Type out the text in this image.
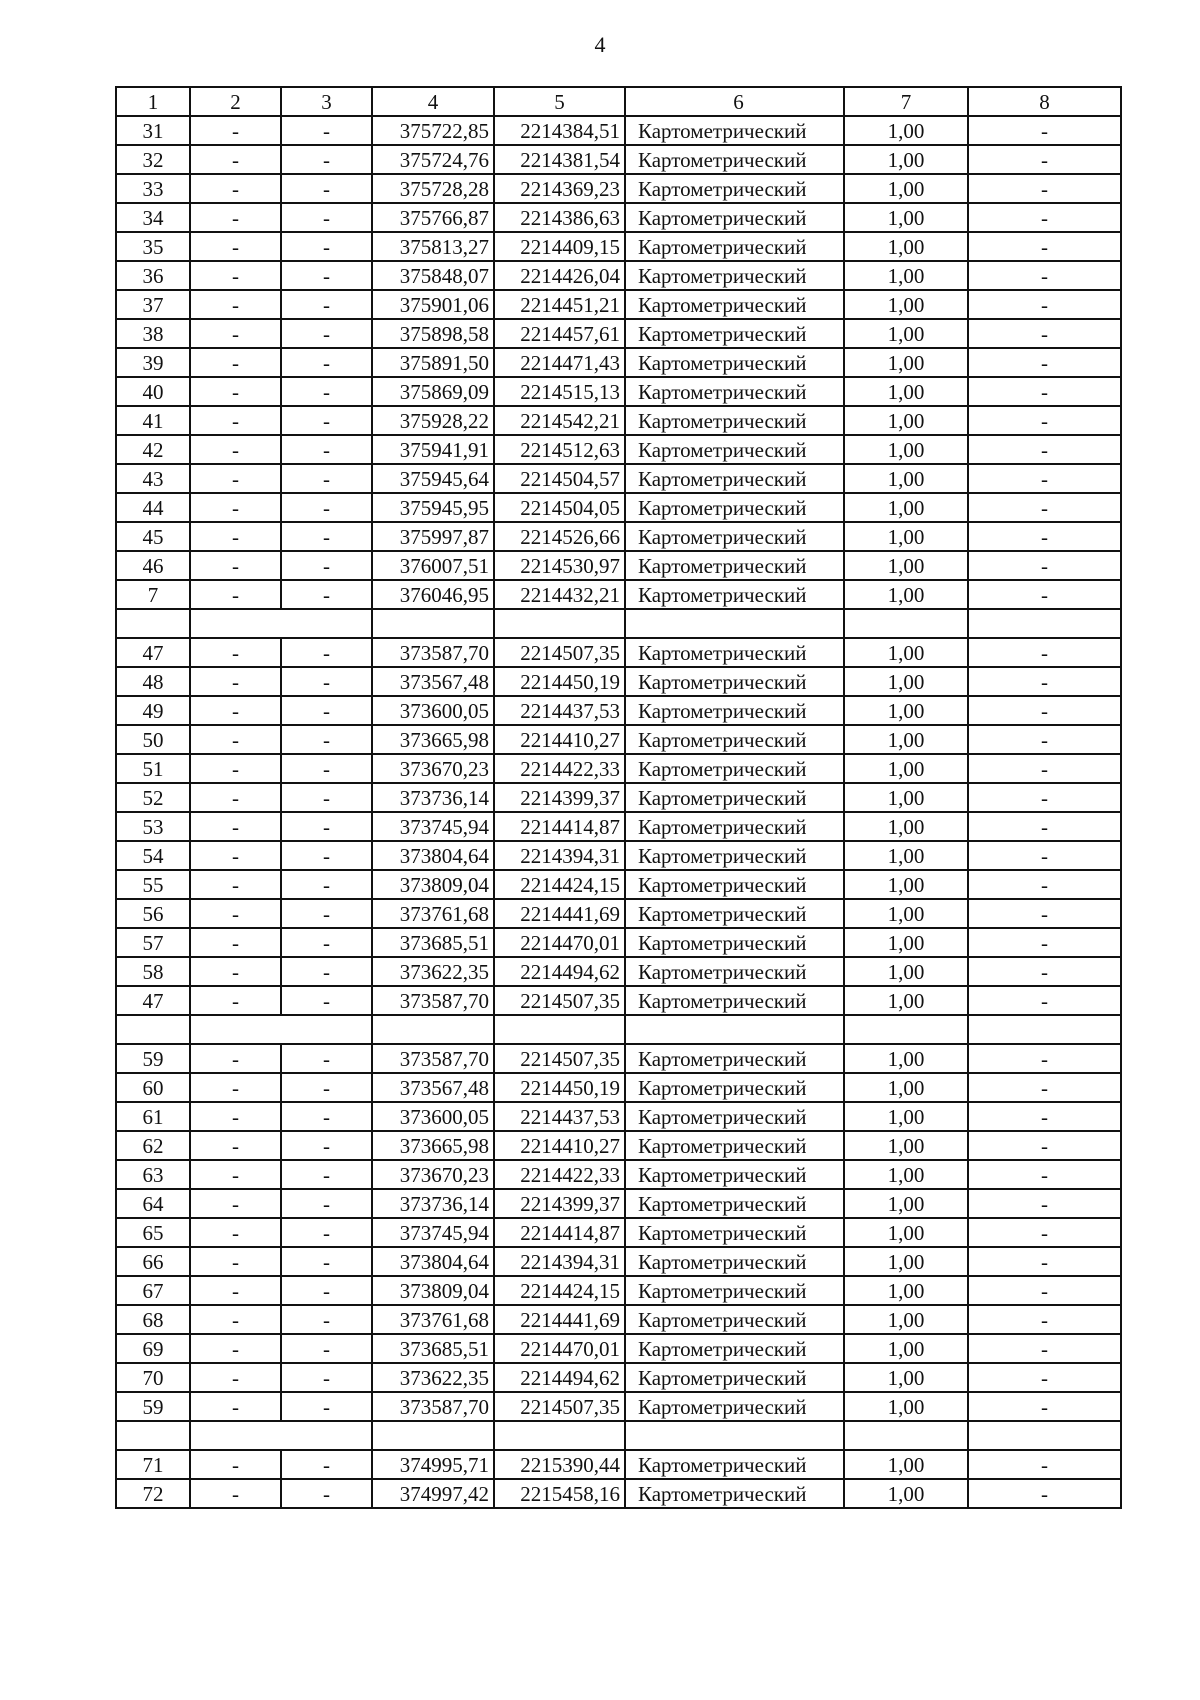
4
1	2	3	4	5	6	7	8
31	-	-	375722,85	2214384,51	Картометрический	1,00	-
32	-	-	375724,76	2214381,54	Картометрический	1,00	-
33	-	-	375728,28	2214369,23	Картометрический	1,00	-
34	-	-	375766,87	2214386,63	Картометрический	1,00	-
35	-	-	375813,27	2214409,15	Картометрический	1,00	-
36	-	-	375848,07	2214426,04	Картометрический	1,00	-
37	-	-	375901,06	2214451,21	Картометрический	1,00	-
38	-	-	375898,58	2214457,61	Картометрический	1,00	-
39	-	-	375891,50	2214471,43	Картометрический	1,00	-
40	-	-	375869,09	2214515,13	Картометрический	1,00	-
41	-	-	375928,22	2214542,21	Картометрический	1,00	-
42	-	-	375941,91	2214512,63	Картометрический	1,00	-
43	-	-	375945,64	2214504,57	Картометрический	1,00	-
44	-	-	375945,95	2214504,05	Картометрический	1,00	-
45	-	-	375997,87	2214526,66	Картометрический	1,00	-
46	-	-	376007,51	2214530,97	Картометрический	1,00	-
7	-	-	376046,95	2214432,21	Картометрический	1,00	-

47	-	-	373587,70	2214507,35	Картометрический	1,00	-
48	-	-	373567,48	2214450,19	Картометрический	1,00	-
49	-	-	373600,05	2214437,53	Картометрический	1,00	-
50	-	-	373665,98	2214410,27	Картометрический	1,00	-
51	-	-	373670,23	2214422,33	Картометрический	1,00	-
52	-	-	373736,14	2214399,37	Картометрический	1,00	-
53	-	-	373745,94	2214414,87	Картометрический	1,00	-
54	-	-	373804,64	2214394,31	Картометрический	1,00	-
55	-	-	373809,04	2214424,15	Картометрический	1,00	-
56	-	-	373761,68	2214441,69	Картометрический	1,00	-
57	-	-	373685,51	2214470,01	Картометрический	1,00	-
58	-	-	373622,35	2214494,62	Картометрический	1,00	-
47	-	-	373587,70	2214507,35	Картометрический	1,00	-

59	-	-	373587,70	2214507,35	Картометрический	1,00	-
60	-	-	373567,48	2214450,19	Картометрический	1,00	-
61	-	-	373600,05	2214437,53	Картометрический	1,00	-
62	-	-	373665,98	2214410,27	Картометрический	1,00	-
63	-	-	373670,23	2214422,33	Картометрический	1,00	-
64	-	-	373736,14	2214399,37	Картометрический	1,00	-
65	-	-	373745,94	2214414,87	Картометрический	1,00	-
66	-	-	373804,64	2214394,31	Картометрический	1,00	-
67	-	-	373809,04	2214424,15	Картометрический	1,00	-
68	-	-	373761,68	2214441,69	Картометрический	1,00	-
69	-	-	373685,51	2214470,01	Картометрический	1,00	-
70	-	-	373622,35	2214494,62	Картометрический	1,00	-
59	-	-	373587,70	2214507,35	Картометрический	1,00	-

71	-	-	374995,71	2215390,44	Картометрический	1,00	-
72	-	-	374997,42	2215458,16	Картометрический	1,00	-
